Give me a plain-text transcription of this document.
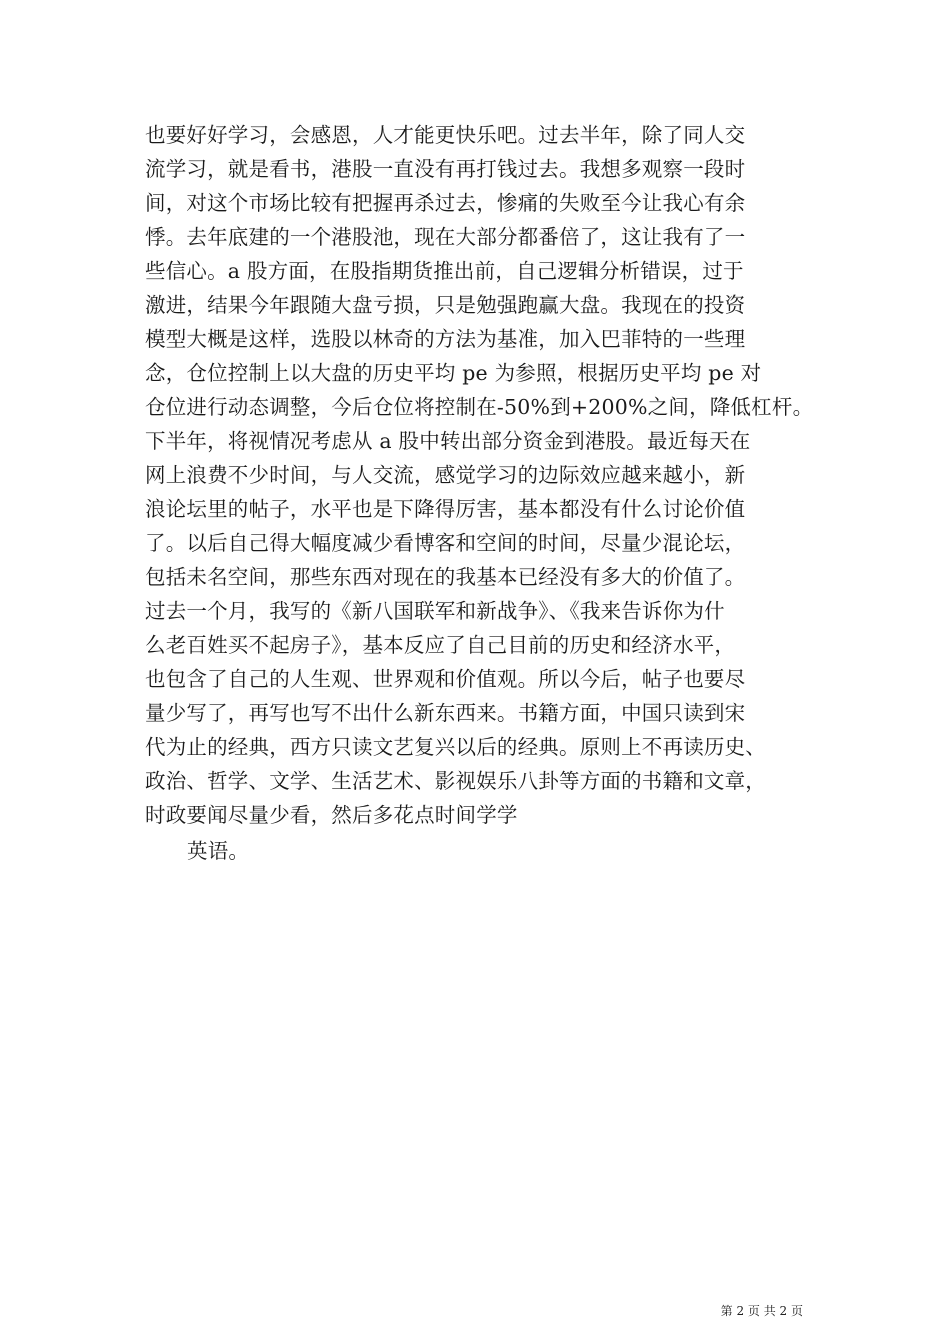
也要好好学习，会感恩，人才能更快乐吧。过去半年，除了同人交
流学习，就是看书，港股一直没有再打钱过去。我想多观察一段时
间，对这个市场比较有把握再杀过去，惨痛的失败至今让我心有余
悸。去年底建的一个港股池，现在大部分都番倍了，这让我有了一
些信心。a 股方面，在股指期货推出前，自己逻辑分析错误，过于
激进，结果今年跟随大盘亏损，只是勉强跑赢大盘。我现在的投资
模型大概是这样，选股以林奇的方法为基准，加入巴菲特的一些理
念，仓位控制上以大盘的历史平均 pe 为参照，根据历史平均 pe 对
仓位进行动态调整，今后仓位将控制在-50%到+200%之间，降低杠杆。
下半年，将视情况考虑从 a 股中转出部分资金到港股。最近每天在
网上浪费不少时间，与人交流，感觉学习的边际效应越来越小，新
浪论坛里的帖子，水平也是下降得厉害，基本都没有什么讨论价值
了。以后自己得大幅度减少看博客和空间的时间，尽量少混论坛，
包括未名空间，那些东西对现在的我基本已经没有多大的价值了。
过去一个月，我写的《新八国联军和新战争》、《我来告诉你为什
么老百姓买不起房子》，基本反应了自己目前的历史和经济水平，
也包含了自己的人生观、世界观和价值观。所以今后，帖子也要尽
量少写了，再写也写不出什么新东西来。书籍方面，中国只读到宋
代为止的经典，西方只读文艺复兴以后的经典。原则上不再读历史、
政治、哲学、文学、生活艺术、影视娱乐八卦等方面的书籍和文章，
时政要闻尽量少看，然后多花点时间学学
英语。
第 2 页 共 2 页
